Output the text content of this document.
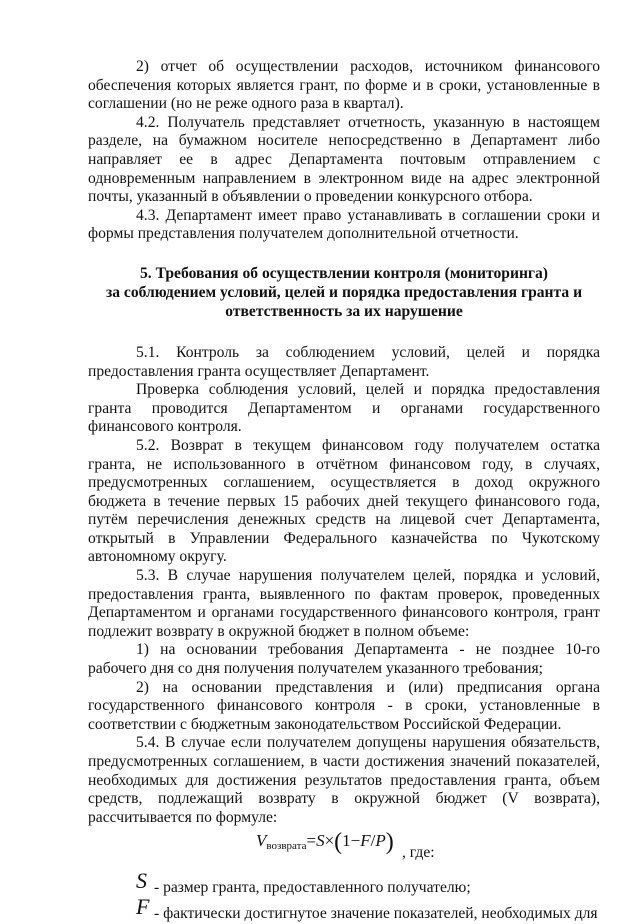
2) отчет об осуществлении расходов, источником финансового обеспечения которых является грант, по форме и в сроки, установленные в соглашении (но не реже одного раза в квартал).

4.2. Получатель представляет отчетность, указанную в настоящем разделе, на бумажном носителе непосредственно в Департамент либо направляет ее в адрес Департамента почтовым отправлением с одновременным направлением в электронном виде на адрес электронной почты, указанный в объявлении о проведении конкурсного отбора.

4.3. Департамент имеет право устанавливать в соглашении сроки и формы представления получателем дополнительной отчетности.

5. Требования об осуществлении контроля (мониторинга)
за соблюдением условий, целей и порядка предоставления гранта и
ответственность за их нарушение

5.1. Контроль за соблюдением условий, целей и порядка предоставления гранта осуществляет Департамент.

Проверка соблюдения условий, целей и порядка предоставления гранта проводится Департаментом и органами государственного финансового контроля.

5.2. Возврат в текущем финансовом году получателем остатка гранта, не использованного в отчётном финансовом году, в случаях, предусмотренных соглашением, осуществляется в доход окружного бюджета в течение первых 15 рабочих дней текущего финансового года, путём перечисления денежных средств на лицевой счет Департамента, открытый в Управлении Федерального казначейства по Чукотскому автономному округу.

5.3. В случае нарушения получателем целей, порядка и условий, предоставления гранта, выявленного по фактам проверок, проведенных Департаментом и органами государственного финансового контроля, грант подлежит возврату в окружной бюджет в полном объеме:

1) на основании требования Департамента - не позднее 10-го рабочего дня со дня получения получателем указанного требования;

2) на основании представления и (или) предписания органа государственного финансового контроля - в сроки, установленные в соответствии с бюджетным законодательством Российской Федерации.

5.4. В случае если получателем допущены нарушения обязательств, предусмотренных соглашением, в части достижения значений показателей, необходимых для достижения результатов предоставления гранта, объем средств, подлежащий возврату в окружной бюджет (V возврата), рассчитывается по формуле:

$V_{возврата}=S\times(1-F/P)$ , где:

S - размер гранта, предоставленного получателю;

F - фактически достигнутое значение показателей, необходимых для
